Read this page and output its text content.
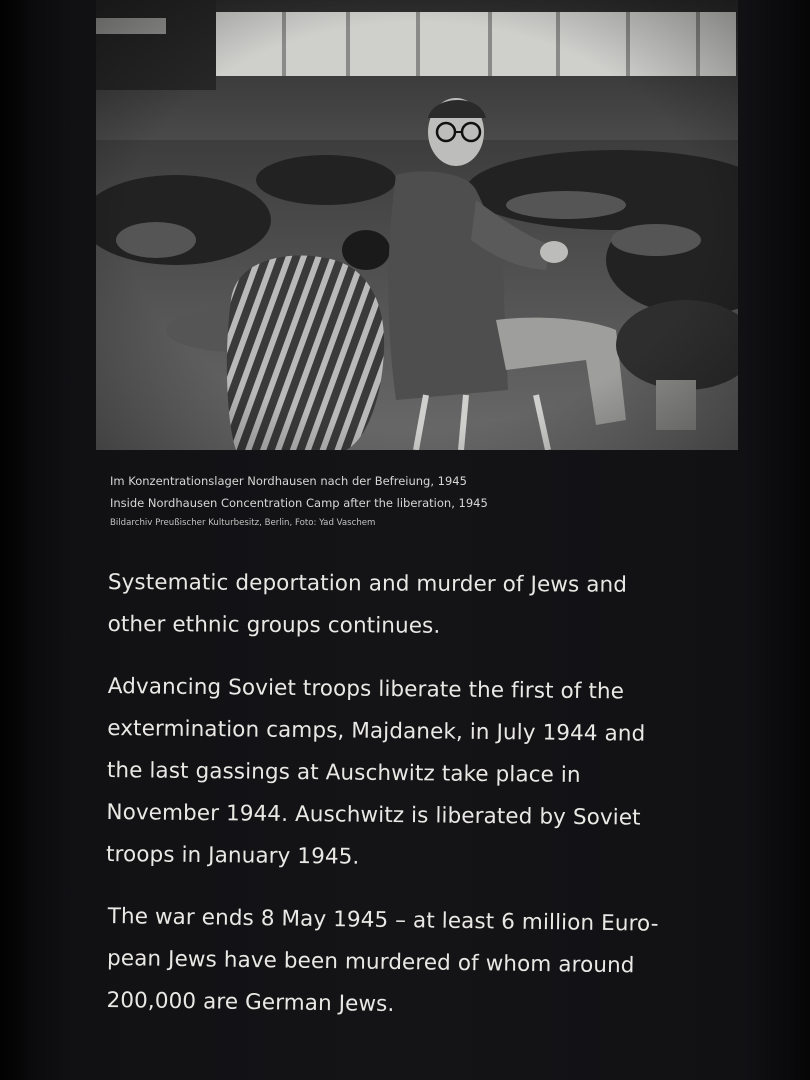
Im Konzentrationslager Nordhausen nach der Befreiung, 1945
Inside Nordhausen Concentration Camp after the liberation, 1945
Bildarchiv Preußischer Kulturbesitz, Berlin, Foto: Yad Vaschem

Systematic deportation and murder of Jews and
other ethnic groups continues.

Advancing Soviet troops liberate the first of the
extermination camps, Majdanek, in July 1944 and
the last gassings at Auschwitz take place in
November 1944. Auschwitz is liberated by Soviet
troops in January 1945.

The war ends 8 May 1945 – at least 6 million Euro-
pean Jews have been murdered of whom around
200,000 are German Jews.
